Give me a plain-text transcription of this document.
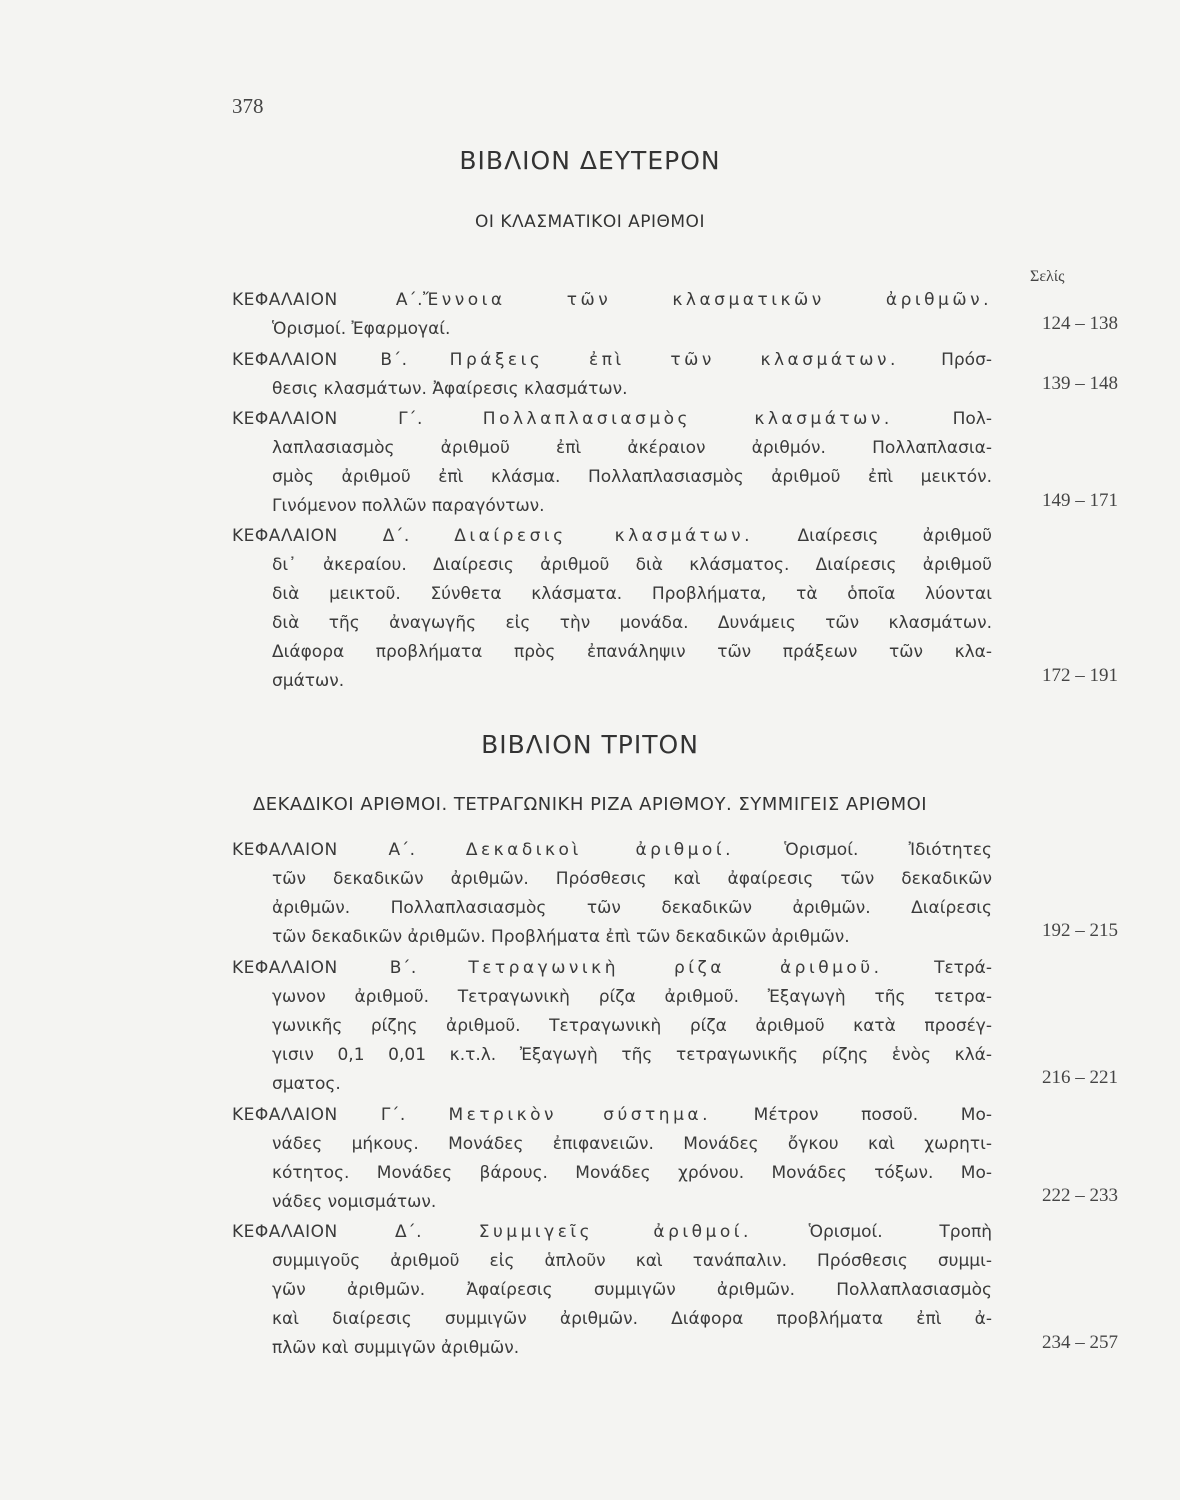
378
ΒΙΒΛΙΟΝ ΔΕΥΤΕΡΟΝ
ΟΙ ΚΛΑΣΜΑΤΙΚΟΙ ΑΡΙΘΜΟΙ
Σελίς
ΚΕΦΑΛΑΙΟΝ Α΄.Ἔννοια τῶν κλασματικῶν ἀριθμῶν.
Ὁρισμοί. Ἐφαρμογαί.	124 – 138
ΚΕΦΑΛΑΙΟΝ Β΄. Πράξεις ἐπὶ τῶν κλασμάτων. Πρόσ-
θεσις κλασμάτων. Ἀφαίρεσις κλασμάτων.	139 – 148
ΚΕΦΑΛΑΙΟΝ Γ΄.	Πολλαπλασιασμὸς κλασμάτων.	Πολ-
λαπλασιασμὸς ἀριθμοῦ ἐπὶ ἀκέραιον ἀριθμόν. Πολλαπλασια-
σμὸς ἀριθμοῦ ἐπὶ κλάσμα. Πολλαπλασιασμὸς ἀριθμοῦ ἐπὶ μεικτόν.
Γινόμενον πολλῶν παραγόντων.	149 – 171
ΚΕΦΑΛΑΙΟΝ Δ΄.	Διαίρεσις κλασμάτων.	Διαίρεσις ἀριθμοῦ
δι᾽ ἀκεραίου. Διαίρεσις ἀριθμοῦ διὰ κλάσματος. Διαίρεσις ἀριθμοῦ
διὰ μεικτοῦ. Σύνθετα κλάσματα. Προβλήματα, τὰ ὁποῖα λύονται
διὰ τῆς ἀναγωγῆς εἰς τὴν μονάδα. Δυνάμεις τῶν κλασμάτων.
Διάφορα προβλήματα πρὸς ἐπανάληψιν τῶν πράξεων τῶν κλα-
σμάτων.	172 – 191
ΒΙΒΛΙΟΝ ΤΡΙΤΟΝ
ΔΕΚΑΔΙΚΟΙ ΑΡΙΘΜΟΙ. ΤΕΤΡΑΓΩΝΙΚΗ ΡΙΖΑ ΑΡΙΘΜΟΥ. ΣΥΜΜΙΓΕΙΣ ΑΡΙΘΜΟΙ
ΚΕΦΑΛΑΙΟΝ Α΄.	Δεκαδικοὶ ἀριθμοί.	Ὁρισμοί. Ἰδιότητες
τῶν δεκαδικῶν ἀριθμῶν. Πρόσθεσις καὶ ἀφαίρεσις τῶν δεκαδικῶν
ἀριθμῶν. Πολλαπλασιασμὸς τῶν δεκαδικῶν ἀριθμῶν. Διαίρεσις
τῶν δεκαδικῶν ἀριθμῶν. Προβλήματα ἐπὶ τῶν δεκαδικῶν ἀριθμῶν.	192 – 215
ΚΕΦΑΛΑΙΟΝ Β΄.	Τετραγωνικὴ ρίζα ἀριθμοῦ.	Τετρά-
γωνον ἀριθμοῦ. Τετραγωνικὴ ρίζα ἀριθμοῦ. Ἐξαγωγὴ τῆς τετρα-
γωνικῆς ρίζης ἀριθμοῦ. Τετραγωνικὴ ρίζα ἀριθμοῦ κατὰ προσέγ-
γισιν 0,1 0,01 κ.τ.λ. Ἐξαγωγὴ τῆς τετραγωνικῆς ρίζης ἑνὸς κλά-
σματος.	216 – 221
ΚΕΦΑΛΑΙΟΝ Γ΄.	Μετρικὸν σύστημα.	Μέτρον ποσοῦ. Μο-
νάδες μήκους. Μονάδες ἐπιφανειῶν. Μονάδες ὄγκου καὶ χωρητι-
κότητος. Μονάδες βάρους. Μονάδες χρόνου. Μονάδες τόξων. Μο-
νάδες νομισμάτων.	222 – 233
ΚΕΦΑΛΑΙΟΝ Δ΄.	Συμμιγεῖς ἀριθμοί.	Ὁρισμοί. Τροπὴ
συμμιγοῦς ἀριθμοῦ εἰς ἁπλοῦν καὶ τανάπαλιν. Πρόσθεσις συμμι-
γῶν ἀριθμῶν. Ἀφαίρεσις συμμιγῶν ἀριθμῶν. Πολλαπλασιασμὸς
καὶ διαίρεσις συμμιγῶν ἀριθμῶν. Διάφορα προβλήματα ἐπὶ ἀ-
πλῶν καὶ συμμιγῶν ἀριθμῶν.	234 – 257
